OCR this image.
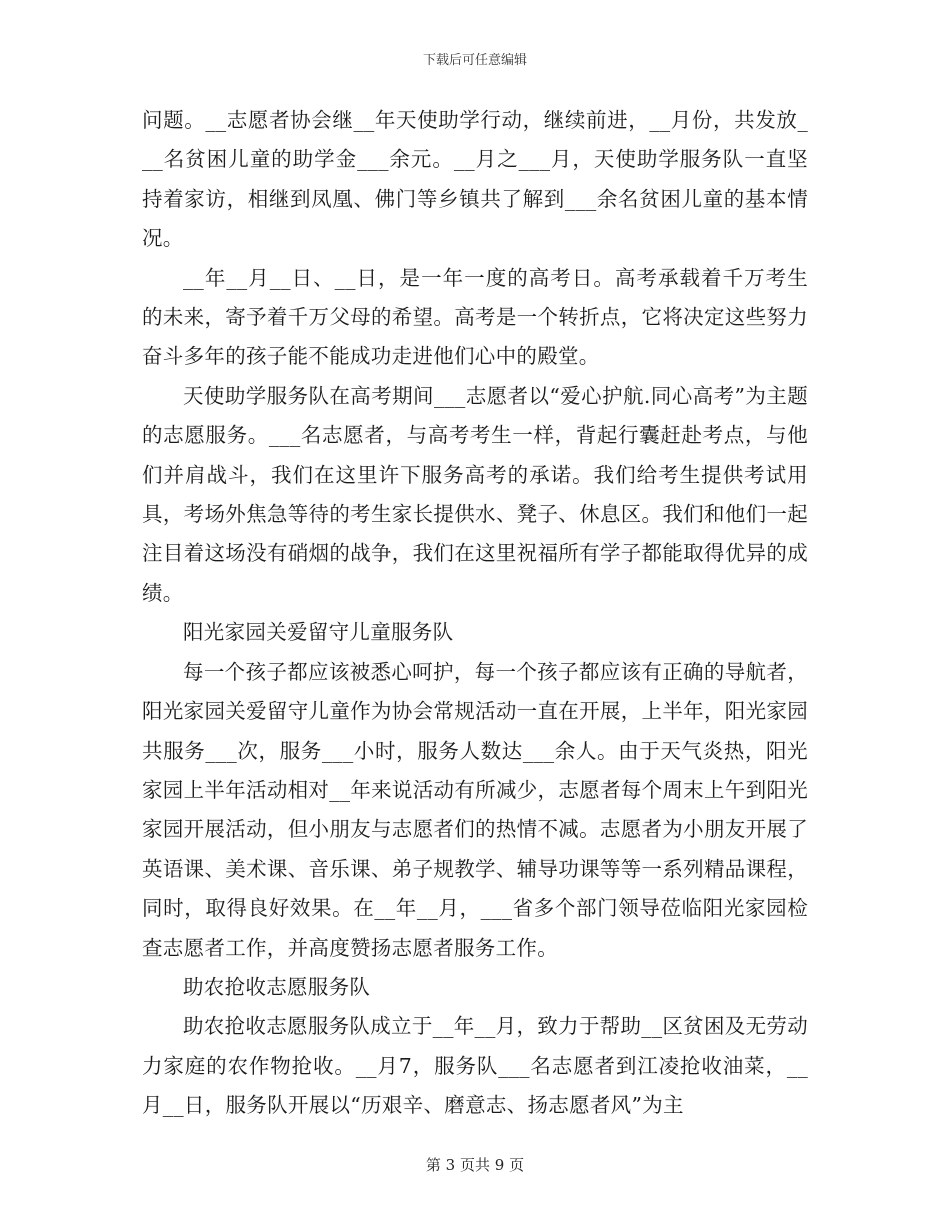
下载后可任意编辑

问题。__志愿者协会继__年天使助学行动，继续前进，__月份，共发放___名贫困儿童的助学金___余元。__月之___月，天使助学服务队一直坚持着家访，相继到凤凰、佛门等乡镇共了解到___余名贫困儿童的基本情况。

__年__月__日、__日，是一年一度的高考日。高考承载着千万考生的未来，寄予着千万父母的希望。高考是一个转折点，它将决定这些努力奋斗多年的孩子能不能成功走进他们心中的殿堂。

天使助学服务队在高考期间___志愿者以“爱心护航.同心高考”为主题的志愿服务。___名志愿者，与高考考生一样，背起行囊赶赴考点，与他们并肩战斗，我们在这里许下服务高考的承诺。我们给考生提供考试用具，考场外焦急等待的考生家长提供水、凳子、休息区。我们和他们一起注目着这场没有硝烟的战争，我们在这里祝福所有学子都能取得优异的成绩。

阳光家园关爱留守儿童服务队

每一个孩子都应该被悉心呵护，每一个孩子都应该有正确的导航者，阳光家园关爱留守儿童作为协会常规活动一直在开展，上半年，阳光家园共服务___次，服务___小时，服务人数达___余人。由于天气炎热，阳光家园上半年活动相对__年来说活动有所减少，志愿者每个周末上午到阳光家园开展活动，但小朋友与志愿者们的热情不减。志愿者为小朋友开展了英语课、美术课、音乐课、弟子规教学、辅导功课等等一系列精品课程，同时，取得良好效果。在__年__月，___省多个部门领导莅临阳光家园检查志愿者工作，并高度赞扬志愿者服务工作。

助农抢收志愿服务队

助农抢收志愿服务队成立于__年__月，致力于帮助__区贫困及无劳动力家庭的农作物抢收。__月7，服务队___名志愿者到江凌抢收油菜，__月__日，服务队开展以“历艰辛、磨意志、扬志愿者风”为主

第 3 页共 9 页
